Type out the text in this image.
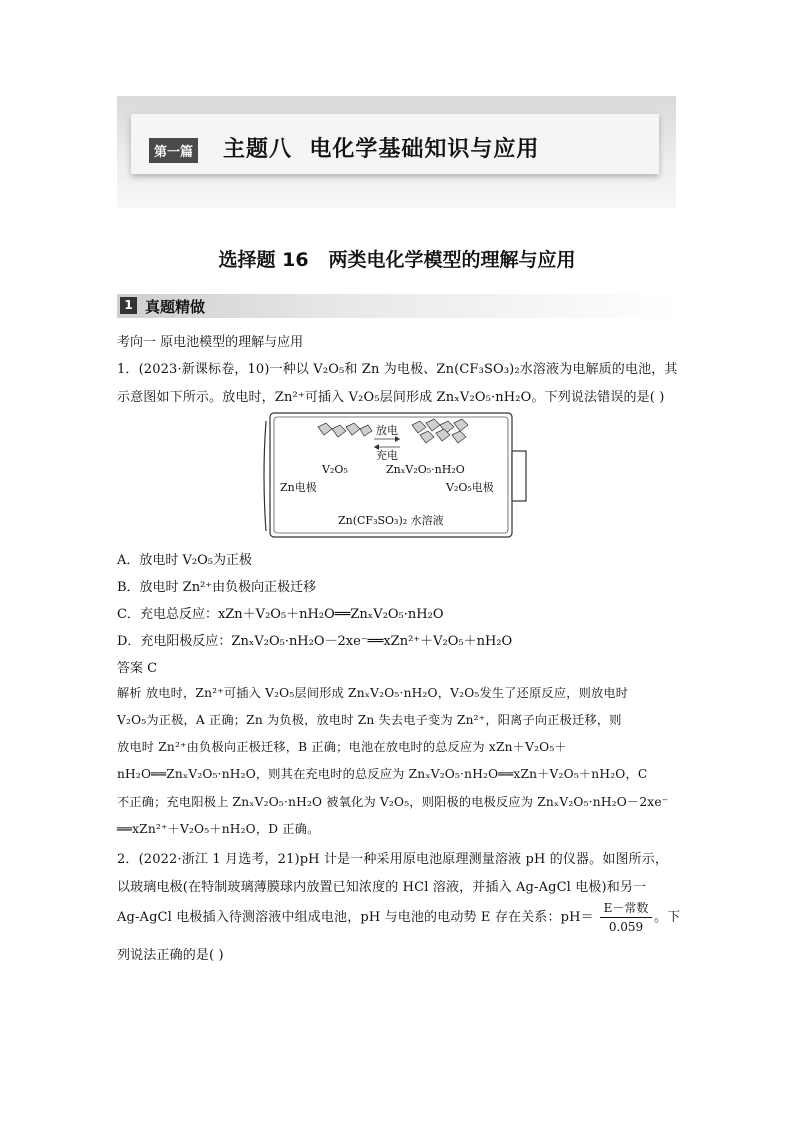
第一篇 主题八  电化学基础知识与应用
选择题 16   两类电化学模型的理解与应用
1 真题精做
考向一 原电池模型的理解与应用
1．(2023·新课标卷，10)一种以 V₂O₅和 Zn 为电极、Zn(CF₃SO₃)₂水溶液为电解质的电池，其
示意图如下所示。放电时，Zn²⁺可插入 V₂O₅层间形成 ZnₓV₂O₅·nH₂O。下列说法错误的是( )
放电
充电
V₂O₅	ZnₓV₂O₅·nH₂O
Zn电极	V₂O₅电极
Zn(CF₃SO₃)₂ 水溶液
A．放电时 V₂O₅为正极
B．放电时 Zn²⁺由负极向正极迁移
C．充电总反应：xZn＋V₂O₅＋nH₂O══ZnₓV₂O₅·nH₂O
D．充电阳极反应：ZnₓV₂O₅·nH₂O－2xe⁻══xZn²⁺＋V₂O₅＋nH₂O
答案 C
解析 放电时，Zn²⁺可插入 V₂O₅层间形成 ZnₓV₂O₅·nH₂O，V₂O₅发生了还原反应，则放电时
V₂O₅为正极，A 正确；Zn 为负极，放电时 Zn 失去电子变为 Zn²⁺，阳离子向正极迁移，则
放电时 Zn²⁺由负极向正极迁移，B 正确；电池在放电时的总反应为 xZn＋V₂O₅＋
nH₂O══ZnₓV₂O₅·nH₂O，则其在充电时的总反应为 ZnₓV₂O₅·nH₂O══xZn＋V₂O₅＋nH₂O，C
不正确；充电阳极上 ZnₓV₂O₅·nH₂O 被氧化为 V₂O₅，则阳极的电极反应为 ZnₓV₂O₅·nH₂O－2xe⁻
══xZn²⁺＋V₂O₅＋nH₂O，D 正确。
2．(2022·浙江 1 月选考，21)pH 计是一种采用原电池原理测量溶液 pH 的仪器。如图所示，
以玻璃电极(在特制玻璃薄膜球内放置已知浓度的 HCl 溶液，并插入 Ag-AgCl 电极)和另一
Ag-AgCl 电极插入待测溶液中组成电池，pH 与电池的电动势 E 存在关系：pH＝
E－常数
0.059
。下
列说法正确的是( )
